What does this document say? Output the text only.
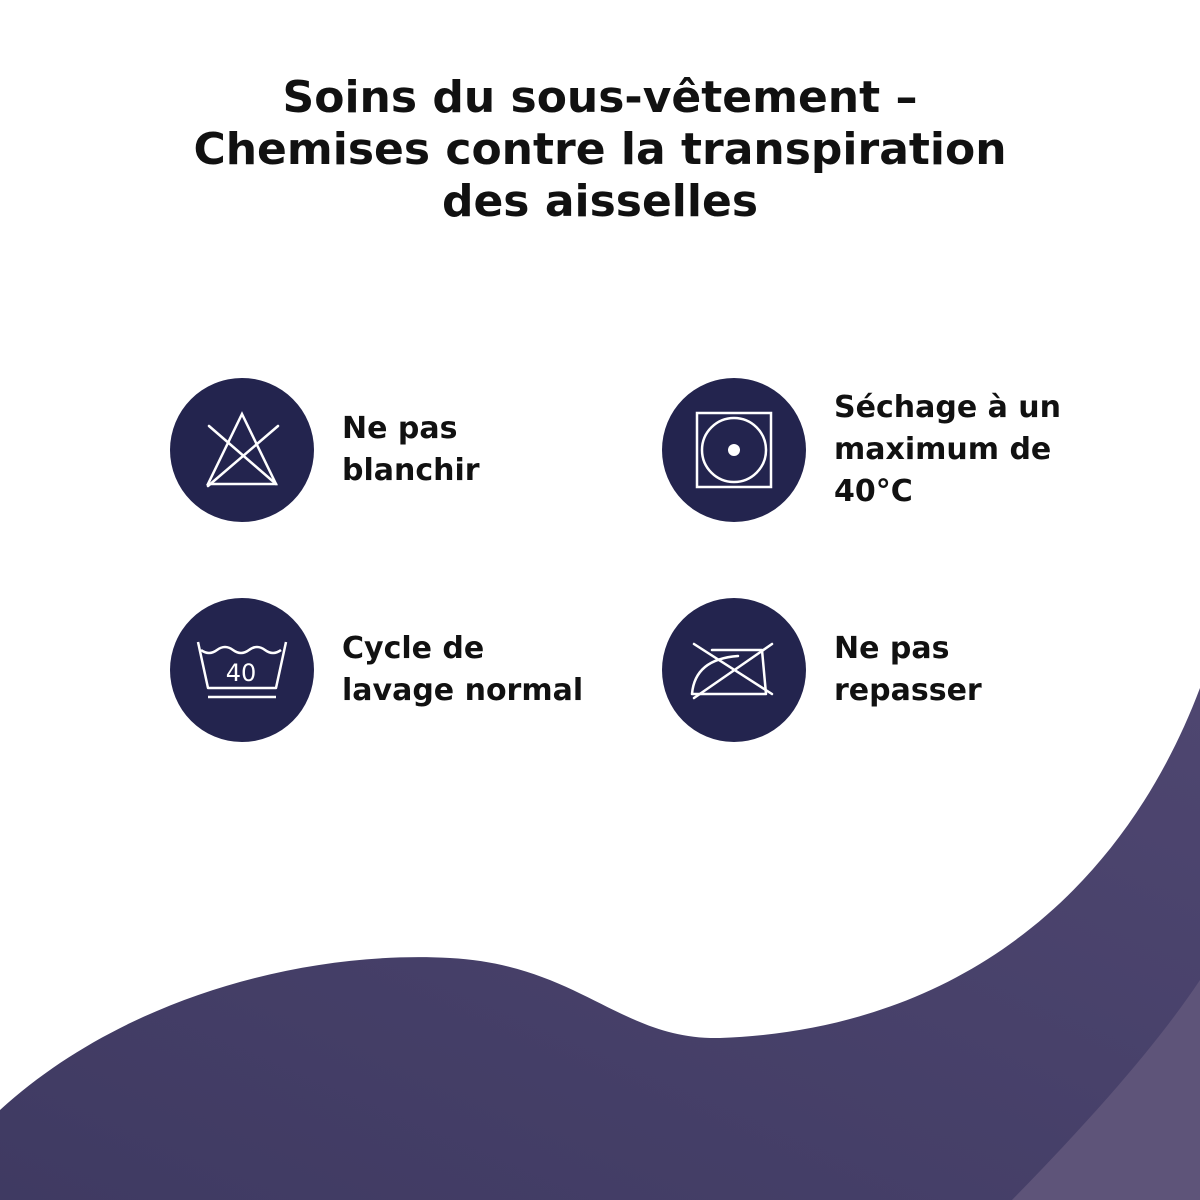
Soins du sous-vêtement –
Chemises contre la transpiration
des aisselles
Ne pas
blanchir
Séchage à un
maximum de
40°C
40
Cycle de
lavage normal
Ne pas
repasser
